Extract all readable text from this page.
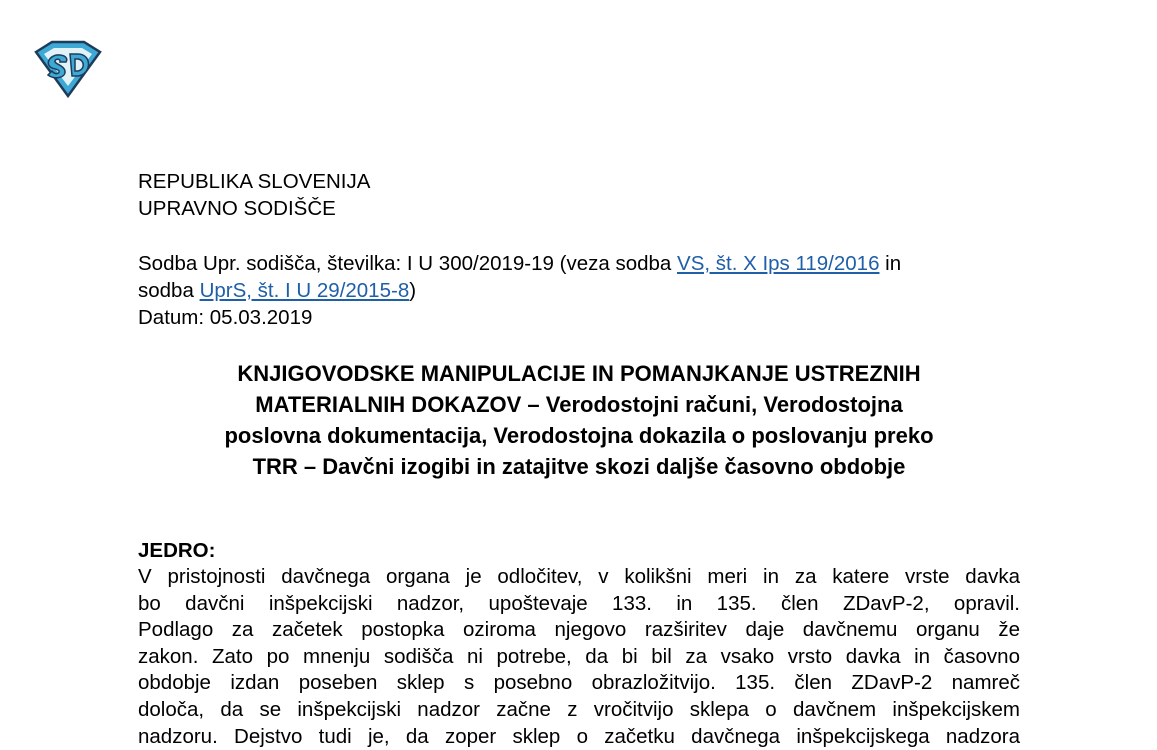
REPUBLIKA SLOVENIJA
UPRAVNO SODIŠČE
Sodba Upr. sodišča, številka: I U 300/2019-19 (veza sodba VS, št. X Ips 119/2016 in
sodba UprS, št. I U 29/2015-8)
Datum: 05.03.2019
KNJIGOVODSKE MANIPULACIJE IN POMANJKANJE USTREZNIH
MATERIALNIH DOKAZOV – Verodostojni računi, Verodostojna
poslovna dokumentacija, Verodostojna dokazila o poslovanju preko
TRR – Davčni izogibi in zatajitve skozi daljše časovno obdobje
JEDRO:
V pristojnosti davčnega organa je odločitev, v kolikšni meri in za katere vrste davka
bo davčni inšpekcijski nadzor, upoštevaje 133. in 135. člen ZDavP-2, opravil.
Podlago za začetek postopka oziroma njegovo razširitev daje davčnemu organu že
zakon. Zato po mnenju sodišča ni potrebe, da bi bil za vsako vrsto davka in časovno
obdobje izdan poseben sklep s posebno obrazložitvijo. 135. člen ZDavP-2 namreč
določa, da se inšpekcijski nadzor začne z vročitvijo sklepa o davčnem inšpekcijskem
nadzoru. Dejstvo tudi je, da zoper sklep o začetku davčnega inšpekcijskega nadzora
